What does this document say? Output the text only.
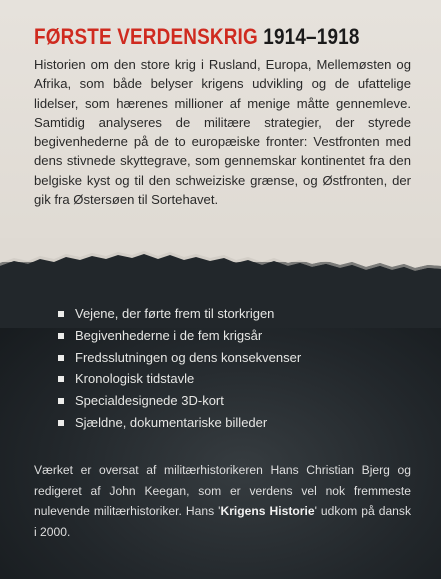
FØRSTE VERDENSKRIG 1914–1918

Historien om den store krig i Rusland, Europa, Mellemøsten og Afrika, som både belyser krigens udvikling og de ufattelige lidelser, som hærenes millioner af menige måtte gennemleve. Samtidig analyseres de militære strategier, der styrede begivenhederne på de to europæiske fronter: Vestfronten med dens stivnede skyttegrave, som gennemskar kontinentet fra den belgiske kyst og til den schweiziske grænse, og Østfronten, der gik fra Østersøen til Sortehavet.

Vejene, der førte frem til storkrigen
Begivenhederne i de fem krigsår
Fredsslutningen og dens konsekvenser
Kronologisk tidstavle
Specialdesignede 3D-kort
Sjældne, dokumentariske billeder

Værket er oversat af militærhistorikeren Hans Christian Bjerg og redigeret af John Keegan, som er verdens vel nok fremmeste nulevende militærhistoriker. Hans 'Krigens Historie' udkom på dansk i 2000.
